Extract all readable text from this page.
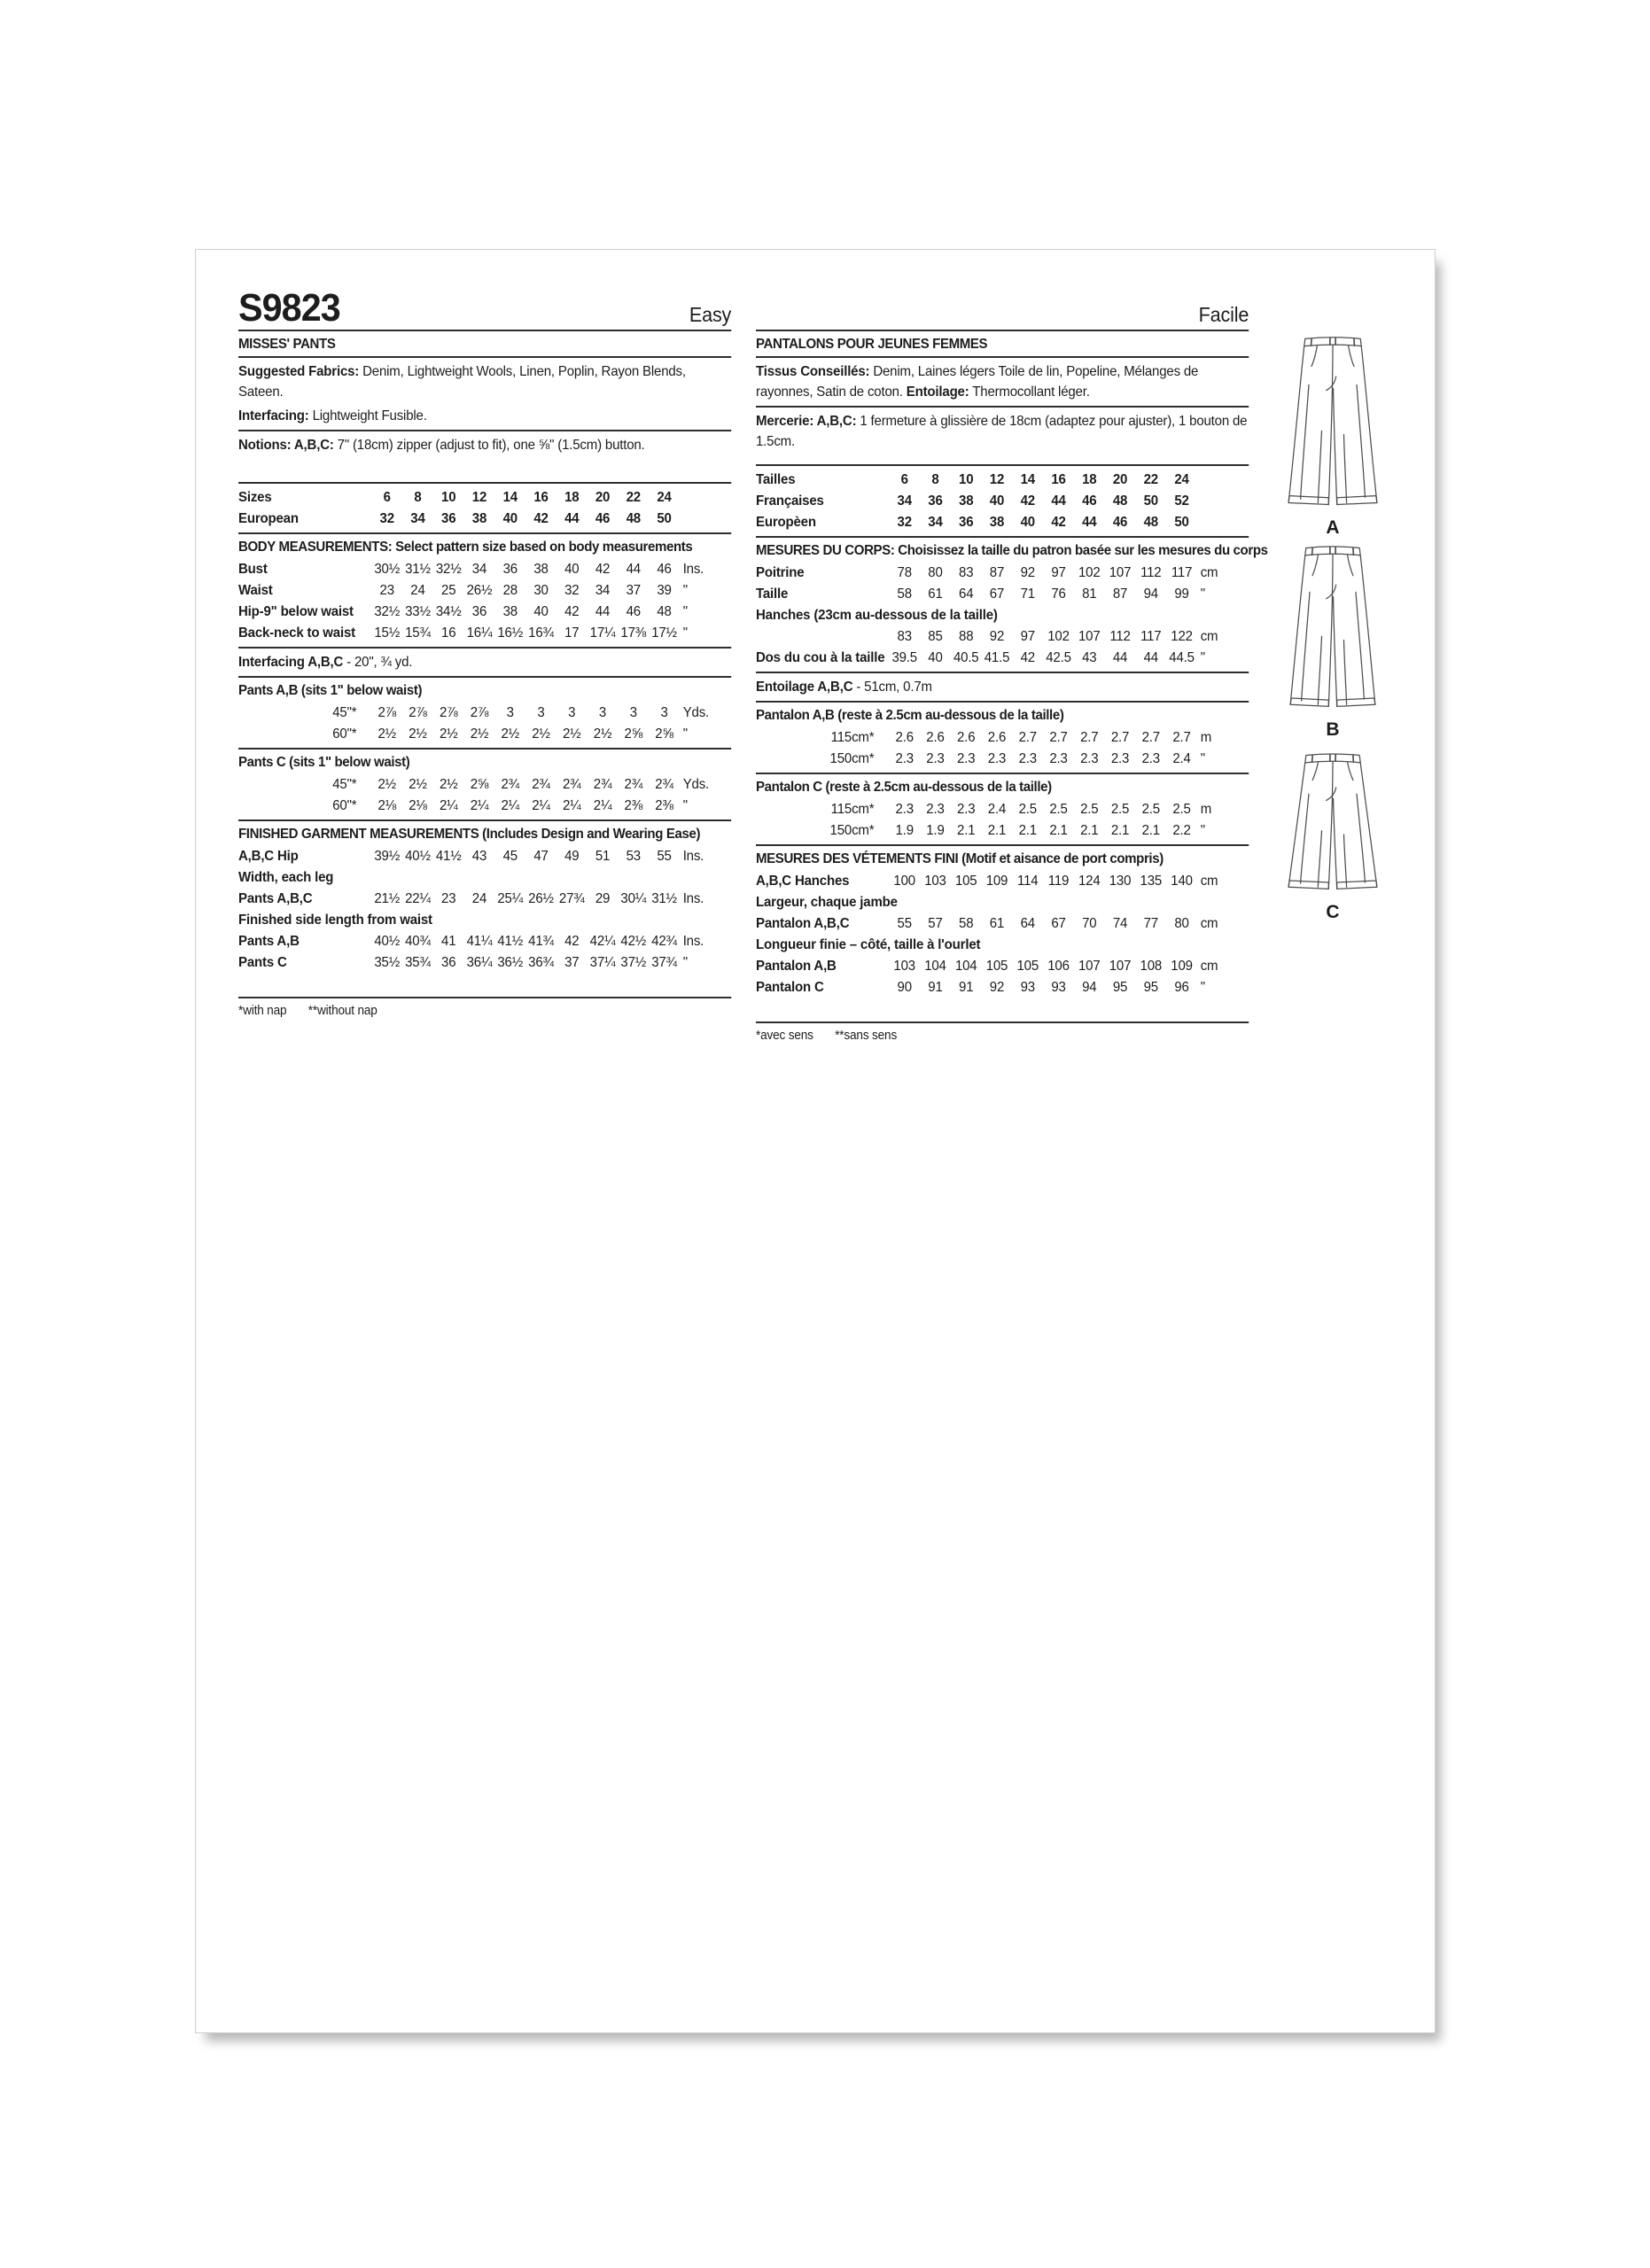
S9823	Easy
MISSES' PANTS

Suggested Fabrics: Denim, Lightweight Wools, Linen, Poplin, Rayon Blends, Sateen.

Interfacing: Lightweight Fusible.

Notions: A,B,C: 7" (18cm) zipper (adjust to fit), one ⅝" (1.5cm) button.

Sizes	6	8	10	12	14	16	18	20	22	24
European	32	34	36	38	40	42	44	46	48	50
BODY MEASUREMENTS: Select pattern size based on body measurements
Bust	30½ 31½ 32½ 34	36	38	40	42	44	46 Ins.
Waist	23	24	25 26½ 28	30	32	34	37	39 "
Hip-9" below waist	32½ 33½ 34½ 36	38	40	42	44	46	48 "
Back-neck to waist	15½ 15¾ 16 16¼ 16½ 16¾ 17 17¼ 17⅜ 17½ "

Interfacing A,B,C - 20", ¾ yd.

Pants A,B (sits 1" below waist)
45"*	2⅞ 2⅞ 2⅞ 2⅞	3	3	3	3	3	3	Yds.
60"*	2½ 2½ 2½ 2½ 2½ 2½ 2½ 2½ 2⅝ 2⅝ "
Pants C (sits 1" below waist)
45"*	2½ 2½ 2½ 2⅝ 2¾ 2¾ 2¾ 2¾ 2¾ 2¾ Yds.
60"*	2⅛ 2⅛ 2¼ 2¼ 2¼ 2¼ 2¼ 2¼ 2⅜ 2⅜ "
FINISHED GARMENT MEASUREMENTS (Includes Design and Wearing Ease)
A,B,C Hip	39½ 40½ 41½ 43	45	47	49	51	53	55 Ins.
Width, each leg
Pants A,B,C	21½ 22¼ 23	24 25¼ 26½ 27¾ 29 30¼ 31½ Ins.
Finished side length from waist
Pants A,B	40½ 40¾ 41 41¼ 41½ 41¾ 42 42¼ 42½ 42¾ Ins.
Pants C	35½ 35¾ 36 36¼ 36½ 36¾ 37 37¼ 37½ 37¾ "
*with nap **without nap
Facile
PANTALONS POUR JEUNES FEMMES

Tissus Conseillés: Denim, Laines légers Toile de lin, Popeline, Mélanges de rayonnes, Satin de coton. Entoilage: Thermocollant léger.

Mercerie: A,B,C: 1 fermeture à glissière de 18cm (adaptez pour ajuster), 1 bouton de 1.5cm.

Tailles	6	8	10	12	14	16	18	20	22	24
Françaises	34	36	38	40	42	44	46	48	50	52
Europèen	32	34	36	38	40	42	44	46	48	50
MESURES DU CORPS: Choisissez la taille du patron basée sur les mesures du corps
Poitrine	78	80	83	87	92	97 102 107 112 117 cm
Taille	58	61	64	67	71	76	81	87	94	99 "
Hanches (23cm au-dessous de la taille)
83	85	88	92	97 102 107 112 117 122 cm
Dos du cou à la taille 39.5 40 40.5 41.5 42 42.5 43	44	44 44.5 "

Entoilage A,B,C - 51cm, 0.7m

Pantalon A,B (reste à 2.5cm au-dessous de la taille)
115cm*	2.6 2.6 2.6 2.6 2.7 2.7 2.7 2.7 2.7 2.7 m
150cm*	2.3 2.3 2.3 2.3 2.3 2.3 2.3 2.3 2.3 2.4 "
Pantalon C (reste à 2.5cm au-dessous de la taille)
115cm*	2.3 2.3 2.3 2.4 2.5 2.5 2.5 2.5 2.5 2.5 m
150cm*	1.9 1.9 2.1 2.1 2.1 2.1 2.1 2.1 2.1 2.2 "
MESURES DES VÉTEMENTS FINI (Motif et aisance de port compris)
A,B,C Hanches	100 103 105 109 114 119 124 130 135 140 cm
Largeur, chaque jambe
Pantalon A,B,C	55	57	58	61	64	67	70	74	77	80 cm
Longueur finie – côté, taille à l'ourlet
Pantalon A,B	103 104 104 105 105 106 107 107 108 109 cm
Pantalon C	90	91	91	92	93	93	94	95	95	96 "
*avec sens **sans sens
A
B
C
